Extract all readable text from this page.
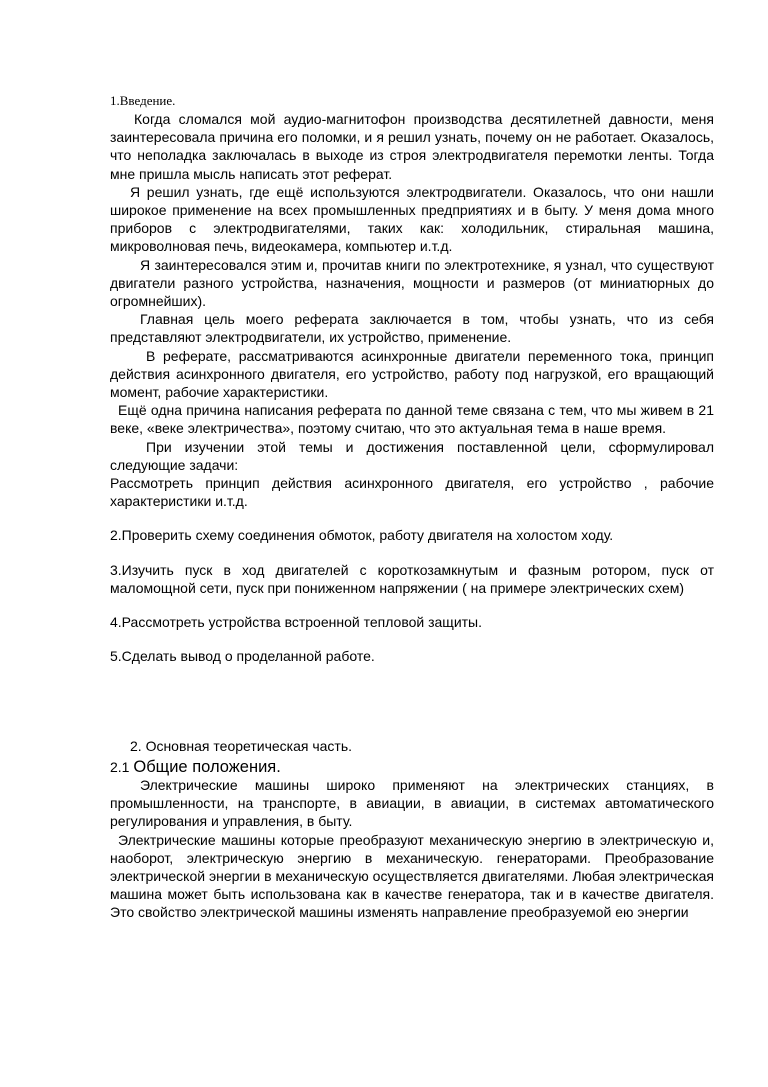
1.Введение.

Когда сломался мой аудио-магнитофон производства десятилетней давности, меня заинтересовала причина его поломки, и я решил узнать, почему он не работает. Оказалось, что неполадка заключалась в выходе из строя электродвигателя перемотки ленты. Тогда мне пришла мысль написать этот реферат.

Я решил узнать, где ещё используются электродвигатели. Оказалось, что они нашли широкое применение на всех промышленных предприятиях и в быту. У меня дома много приборов с электродвигателями, таких как: холодильник, стиральная машина, микроволновая печь, видеокамера, компьютер и.т.д.

Я заинтересовался этим и, прочитав книги по электротехнике, я узнал, что существуют двигатели разного устройства, назначения, мощности и размеров (от миниатюрных до огромнейших).

Главная цель моего реферата заключается в том, чтобы узнать, что из себя представляют электродвигатели, их устройство, применение.

В реферате, рассматриваются асинхронные двигатели переменного тока, принцип действия асинхронного двигателя, его устройство, работу под нагрузкой, его вращающий момент, рабочие характеристики.

Ещё одна причина написания реферата по данной теме связана с тем, что мы живем в 21 веке, «веке электричества», поэтому считаю, что это актуальная тема в наше время.

При изучении этой темы и достижения поставленной цели, сформулировал следующие задачи:

Рассмотреть принцип действия асинхронного двигателя, его устройство , рабочие характеристики и.т.д.

2.Проверить схему соединения обмоток, работу двигателя на холостом ходу.

3.Изучить пуск в ход двигателей с короткозамкнутым и фазным ротором, пуск от маломощной сети, пуск при пониженном напряжении ( на примере электрических схем)

4.Рассмотреть устройства встроенной тепловой защиты.

5.Сделать вывод о проделанной работе.

2. Основная теоретическая часть.
2.1 Общие положения.

Электрические машины широко применяют на электрических станциях, в промышленности, на транспорте, в авиации, в авиации, в системах автоматического регулирования и управления, в быту.

Электрические машины которые преобразуют механическую энергию в электрическую и, наоборот, электрическую энергию в механическую. генераторами. Преобразование электрической энергии в механическую осуществляется двигателями. Любая электрическая машина может быть использована как в качестве генератора, так и в качестве двигателя. Это свойство электрической машины изменять направление преобразуемой ею энергии
